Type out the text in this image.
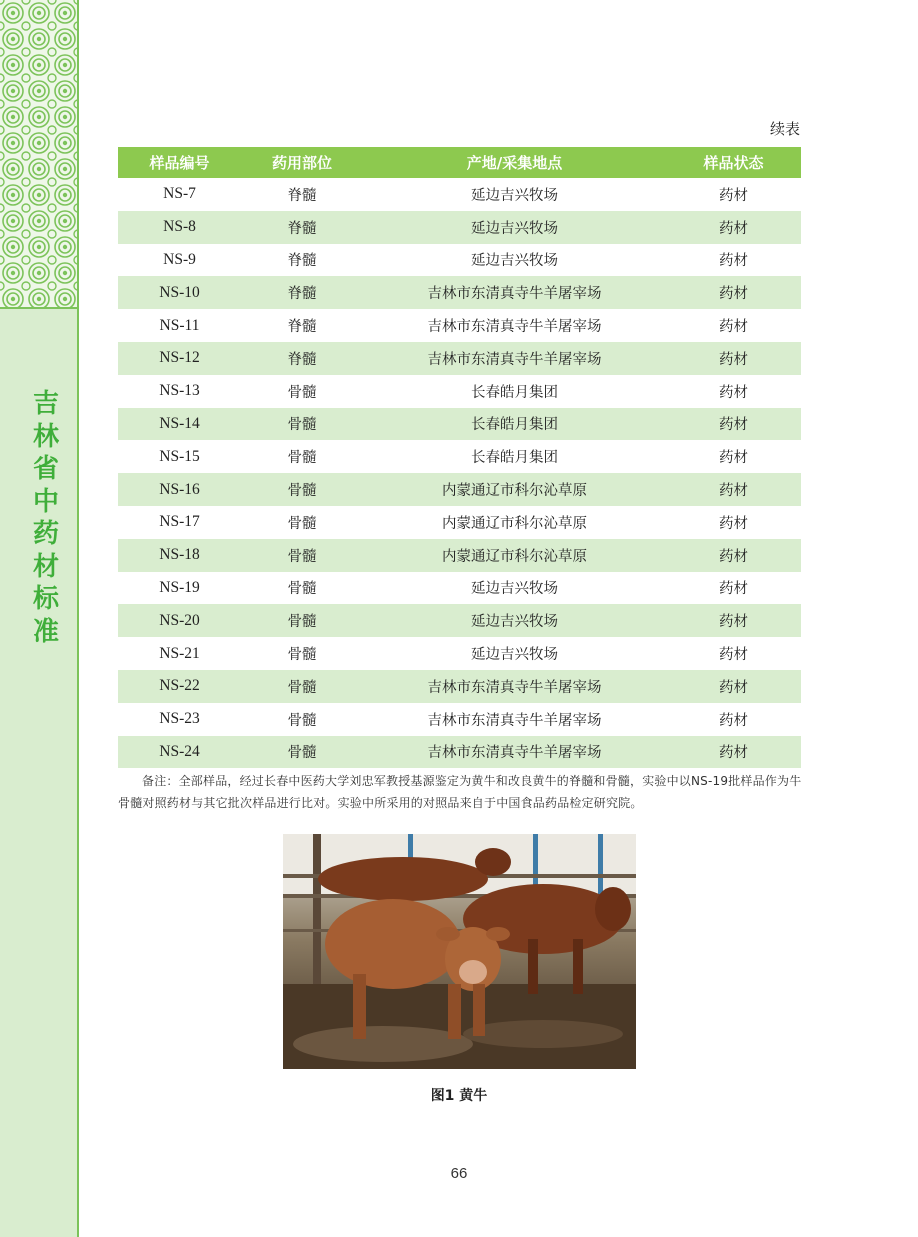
吉
林
省
中
药
材
标
准
续表
样品编号	药用部位	产地/采集地点	样品状态
NS-7	脊髓	延边吉兴牧场	药材
NS-8	脊髓	延边吉兴牧场	药材
NS-9	脊髓	延边吉兴牧场	药材
NS-10	脊髓	吉林市东清真寺牛羊屠宰场	药材
NS-11	脊髓	吉林市东清真寺牛羊屠宰场	药材
NS-12	脊髓	吉林市东清真寺牛羊屠宰场	药材
NS-13	骨髓	长春皓月集团	药材
NS-14	骨髓	长春皓月集团	药材
NS-15	骨髓	长春皓月集团	药材
NS-16	骨髓	内蒙通辽市科尔沁草原	药材
NS-17	骨髓	内蒙通辽市科尔沁草原	药材
NS-18	骨髓	内蒙通辽市科尔沁草原	药材
NS-19	骨髓	延边吉兴牧场	药材
NS-20	骨髓	延边吉兴牧场	药材
NS-21	骨髓	延边吉兴牧场	药材
NS-22	骨髓	吉林市东清真寺牛羊屠宰场	药材
NS-23	骨髓	吉林市东清真寺牛羊屠宰场	药材
NS-24	骨髓	吉林市东清真寺牛羊屠宰场	药材
备注：全部样品，经过长春中医药大学刘忠军教授基源鉴定为黄牛和改良黄牛的脊髓和骨髓，实验中以NS-19批样品作为牛骨髓对照药材与其它批次样品进行比对。实验中所采用的对照品来自于中国食品药品检定研究院。
图1 黄牛
66
